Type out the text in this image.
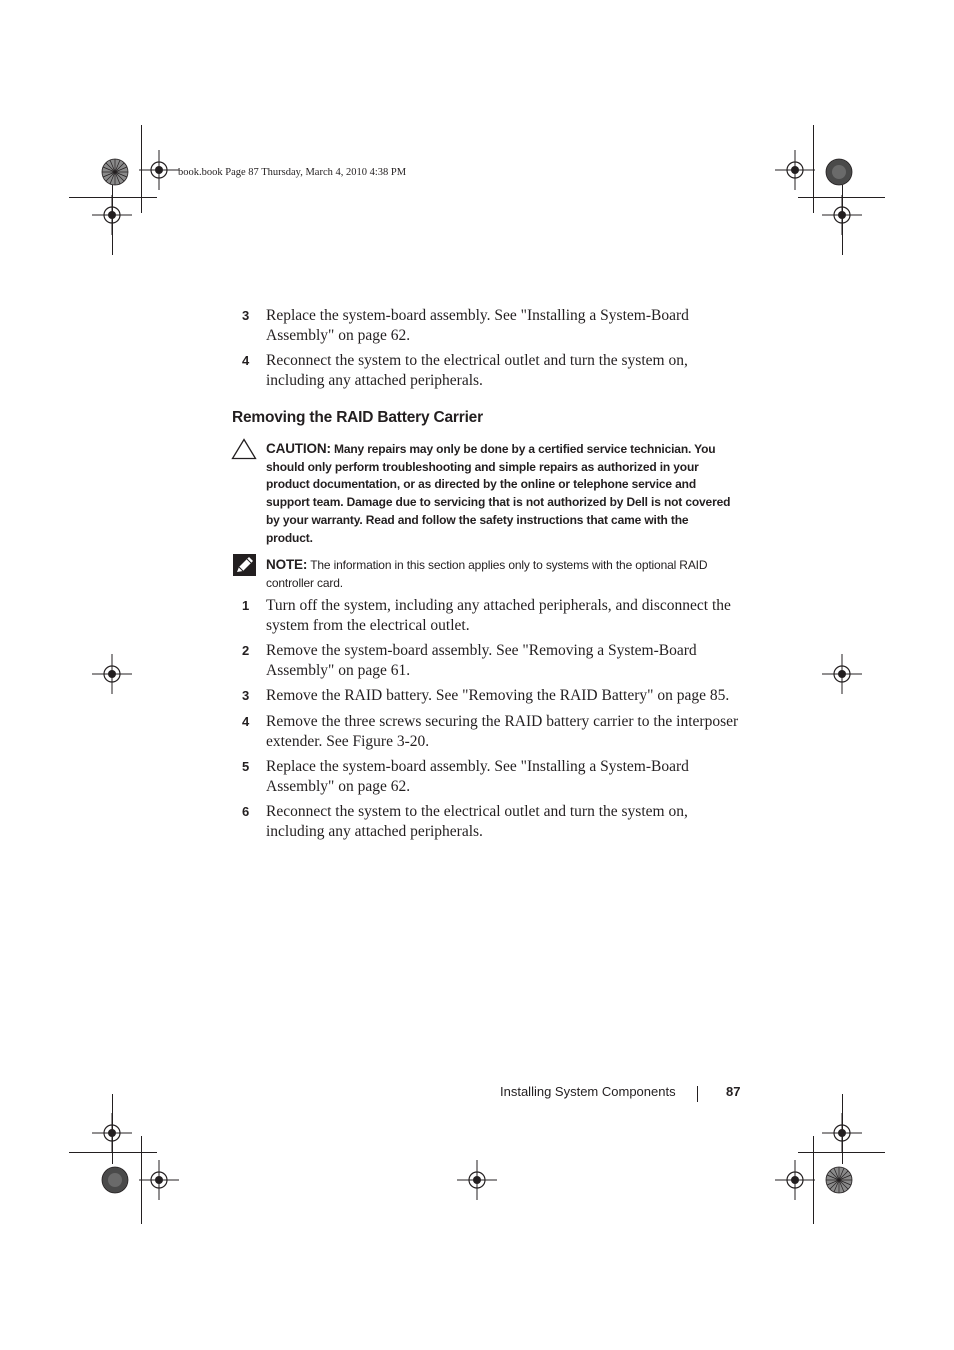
book.book Page 87 Thursday, March 4, 2010 4:38 PM
3 Replace the system-board assembly. See "Installing a System-Board Assembly" on page 62.
4 Reconnect the system to the electrical outlet and turn the system on, including any attached peripherals.
Removing the RAID Battery Carrier
CAUTION: Many repairs may only be done by a certified service technician. You should only perform troubleshooting and simple repairs as authorized in your product documentation, or as directed by the online or telephone service and support team. Damage due to servicing that is not authorized by Dell is not covered by your warranty. Read and follow the safety instructions that came with the product.
NOTE: The information in this section applies only to systems with the optional RAID controller card.
1 Turn off the system, including any attached peripherals, and disconnect the system from the electrical outlet.
2 Remove the system-board assembly. See "Removing a System-Board Assembly" on page 61.
3 Remove the RAID battery. See "Removing the RAID Battery" on page 85.
4 Remove the three screws securing the RAID battery carrier to the interposer extender. See Figure 3-20.
5 Replace the system-board assembly. See "Installing a System-Board Assembly" on page 62.
6 Reconnect the system to the electrical outlet and turn the system on, including any attached peripherals.
Installing System Components	87
